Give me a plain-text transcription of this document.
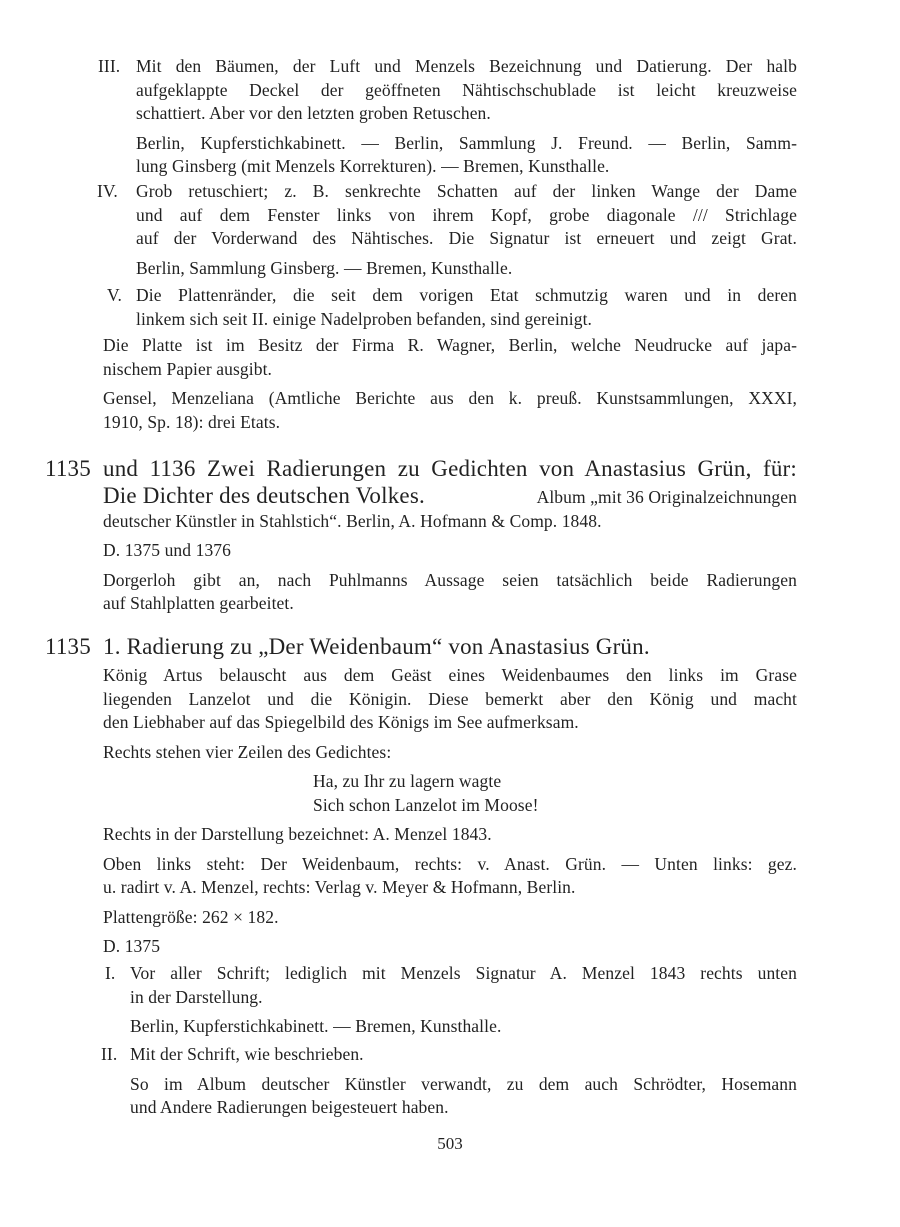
III. Mit den Bäumen, der Luft und Menzels Bezeichnung und Datierung. Der halb

aufgeklappte Deckel der geöffneten Nähtischschublade ist leicht kreuzweise

schattiert. Aber vor den letzten groben Retuschen.

Berlin, Kupferstichkabinett. — Berlin, Sammlung J. Freund. — Berlin, Samm-

lung Ginsberg (mit Menzels Korrekturen). — Bremen, Kunsthalle.

IV. Grob retuschiert; z. B. senkrechte Schatten auf der linken Wange der Dame

und auf dem Fenster links von ihrem Kopf, grobe diagonale /// Strichlage

auf der Vorderwand des Nähtisches. Die Signatur ist erneuert und zeigt Grat.

Berlin, Sammlung Ginsberg. — Bremen, Kunsthalle.

V. Die Plattenränder, die seit dem vorigen Etat schmutzig waren und in deren

linkem sich seit II. einige Nadelproben befanden, sind gereinigt.

Die Platte ist im Besitz der Firma R. Wagner, Berlin, welche Neudrucke auf japa-

nischem Papier ausgibt.

Gensel, Menzeliana (Amtliche Berichte aus den k. preuß. Kunstsammlungen, XXXI,

1910, Sp. 18): drei Etats.

1135 und 1136 Zwei Radierungen zu Gedichten von Anastasius Grün, für:

Die Dichter des deutschen Volkes.	Album „mit 36 Originalzeichnungen

deutscher Künstler in Stahlstich“. Berlin, A. Hofmann & Comp. 1848.

D. 1375 und 1376

Dorgerloh gibt an, nach Puhlmanns Aussage seien tatsächlich beide Radierungen

auf Stahlplatten gearbeitet.

1135 1. Radierung zu „Der Weidenbaum“ von Anastasius Grün.

König Artus belauscht aus dem Geäst eines Weidenbaumes den links im Grase

liegenden Lanzelot und die Königin. Diese bemerkt aber den König und macht

den Liebhaber auf das Spiegelbild des Königs im See aufmerksam.

Rechts stehen vier Zeilen des Gedichtes:

Ha, zu Ihr zu lagern wagte

Sich schon Lanzelot im Moose!

Rechts in der Darstellung bezeichnet: A. Menzel 1843.

Oben links steht: Der Weidenbaum, rechts: v. Anast. Grün. — Unten links: gez.

u. radirt v. A. Menzel, rechts: Verlag v. Meyer & Hofmann, Berlin.

Plattengröße: 262 × 182.

D. 1375

I. Vor aller Schrift; lediglich mit Menzels Signatur A. Menzel 1843 rechts unten

in der Darstellung.

Berlin, Kupferstichkabinett. — Bremen, Kunsthalle.

II. Mit der Schrift, wie beschrieben.

So im Album deutscher Künstler verwandt, zu dem auch Schrödter, Hosemann

und Andere Radierungen beigesteuert haben.

503
